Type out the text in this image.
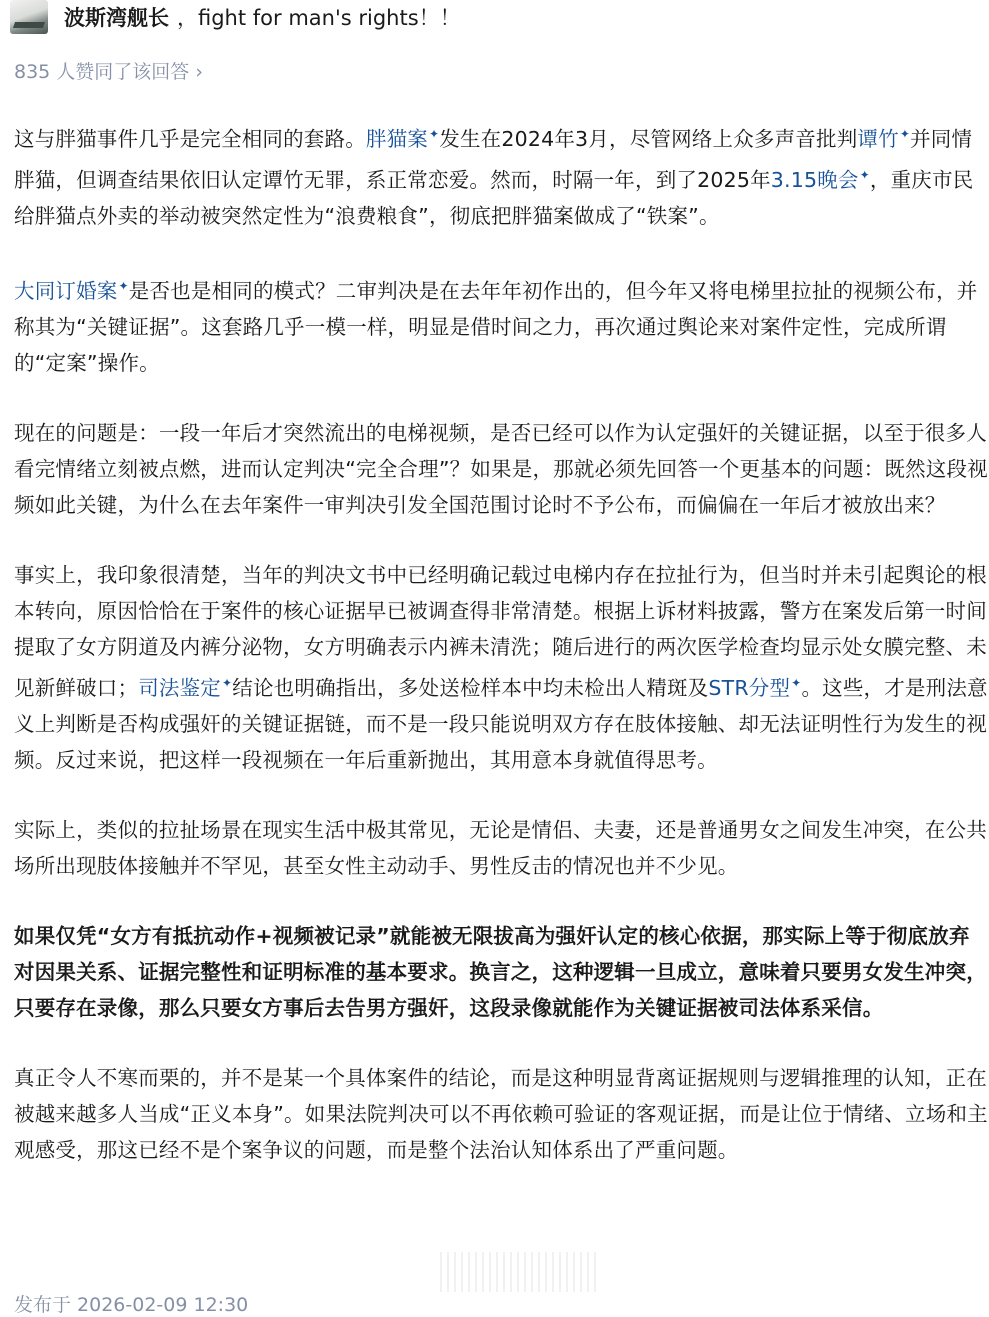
波斯湾舰长 ， fight for man's rights！！
835 人赞同了该回答 ›

这与胖猫事件几乎是完全相同的套路。胖猫案✦发生在2024年3月，尽管网络上众多声音批判谭竹✦并同情胖猫，但调查结果依旧认定谭竹无罪，系正常恋爱。然而，时隔一年，到了2025年3.15晚会✦，重庆市民给胖猫点外卖的举动被突然定性为“浪费粮食”，彻底把胖猫案做成了“铁案”。

大同订婚案✦是否也是相同的模式？二审判决是在去年年初作出的，但今年又将电梯里拉扯的视频公布，并称其为“关键证据”。这套路几乎一模一样，明显是借时间之力，再次通过舆论来对案件定性，完成所谓的“定案”操作。

现在的问题是：一段一年后才突然流出的电梯视频，是否已经可以作为认定强奸的关键证据，以至于很多人看完情绪立刻被点燃，进而认定判决“完全合理”？如果是，那就必须先回答一个更基本的问题：既然这段视频如此关键，为什么在去年案件一审判决引发全国范围讨论时不予公布，而偏偏在一年后才被放出来？

事实上，我印象很清楚，当年的判决文书中已经明确记载过电梯内存在拉扯行为，但当时并未引起舆论的根本转向，原因恰恰在于案件的核心证据早已被调查得非常清楚。根据上诉材料披露，警方在案发后第一时间提取了女方阴道及内裤分泌物，女方明确表示内裤未清洗；随后进行的两次医学检查均显示处女膜完整、未见新鲜破口；司法鉴定✦结论也明确指出，多处送检样本中均未检出人精斑及STR分型✦。这些，才是刑法意义上判断是否构成强奸的关键证据链，而不是一段只能说明双方存在肢体接触、却无法证明性行为发生的视频。反过来说，把这样一段视频在一年后重新抛出，其用意本身就值得思考。

实际上，类似的拉扯场景在现实生活中极其常见，无论是情侣、夫妻，还是普通男女之间发生冲突，在公共场所出现肢体接触并不罕见，甚至女性主动动手、男性反击的情况也并不少见。

如果仅凭“女方有抵抗动作+视频被记录”就能被无限拔高为强奸认定的核心依据，那实际上等于彻底放弃对因果关系、证据完整性和证明标准的基本要求。换言之，这种逻辑一旦成立，意味着只要男女发生冲突，只要存在录像，那么只要女方事后去告男方强奸，这段录像就能作为关键证据被司法体系采信。

真正令人不寒而栗的，并不是某一个具体案件的结论，而是这种明显背离证据规则与逻辑推理的认知，正在被越来越多人当成“正义本身”。如果法院判决可以不再依赖可验证的客观证据，而是让位于情绪、立场和主观感受，那这已经不是个案争议的问题，而是整个法治认知体系出了严重问题。

发布于 2026-02-09 12:30
